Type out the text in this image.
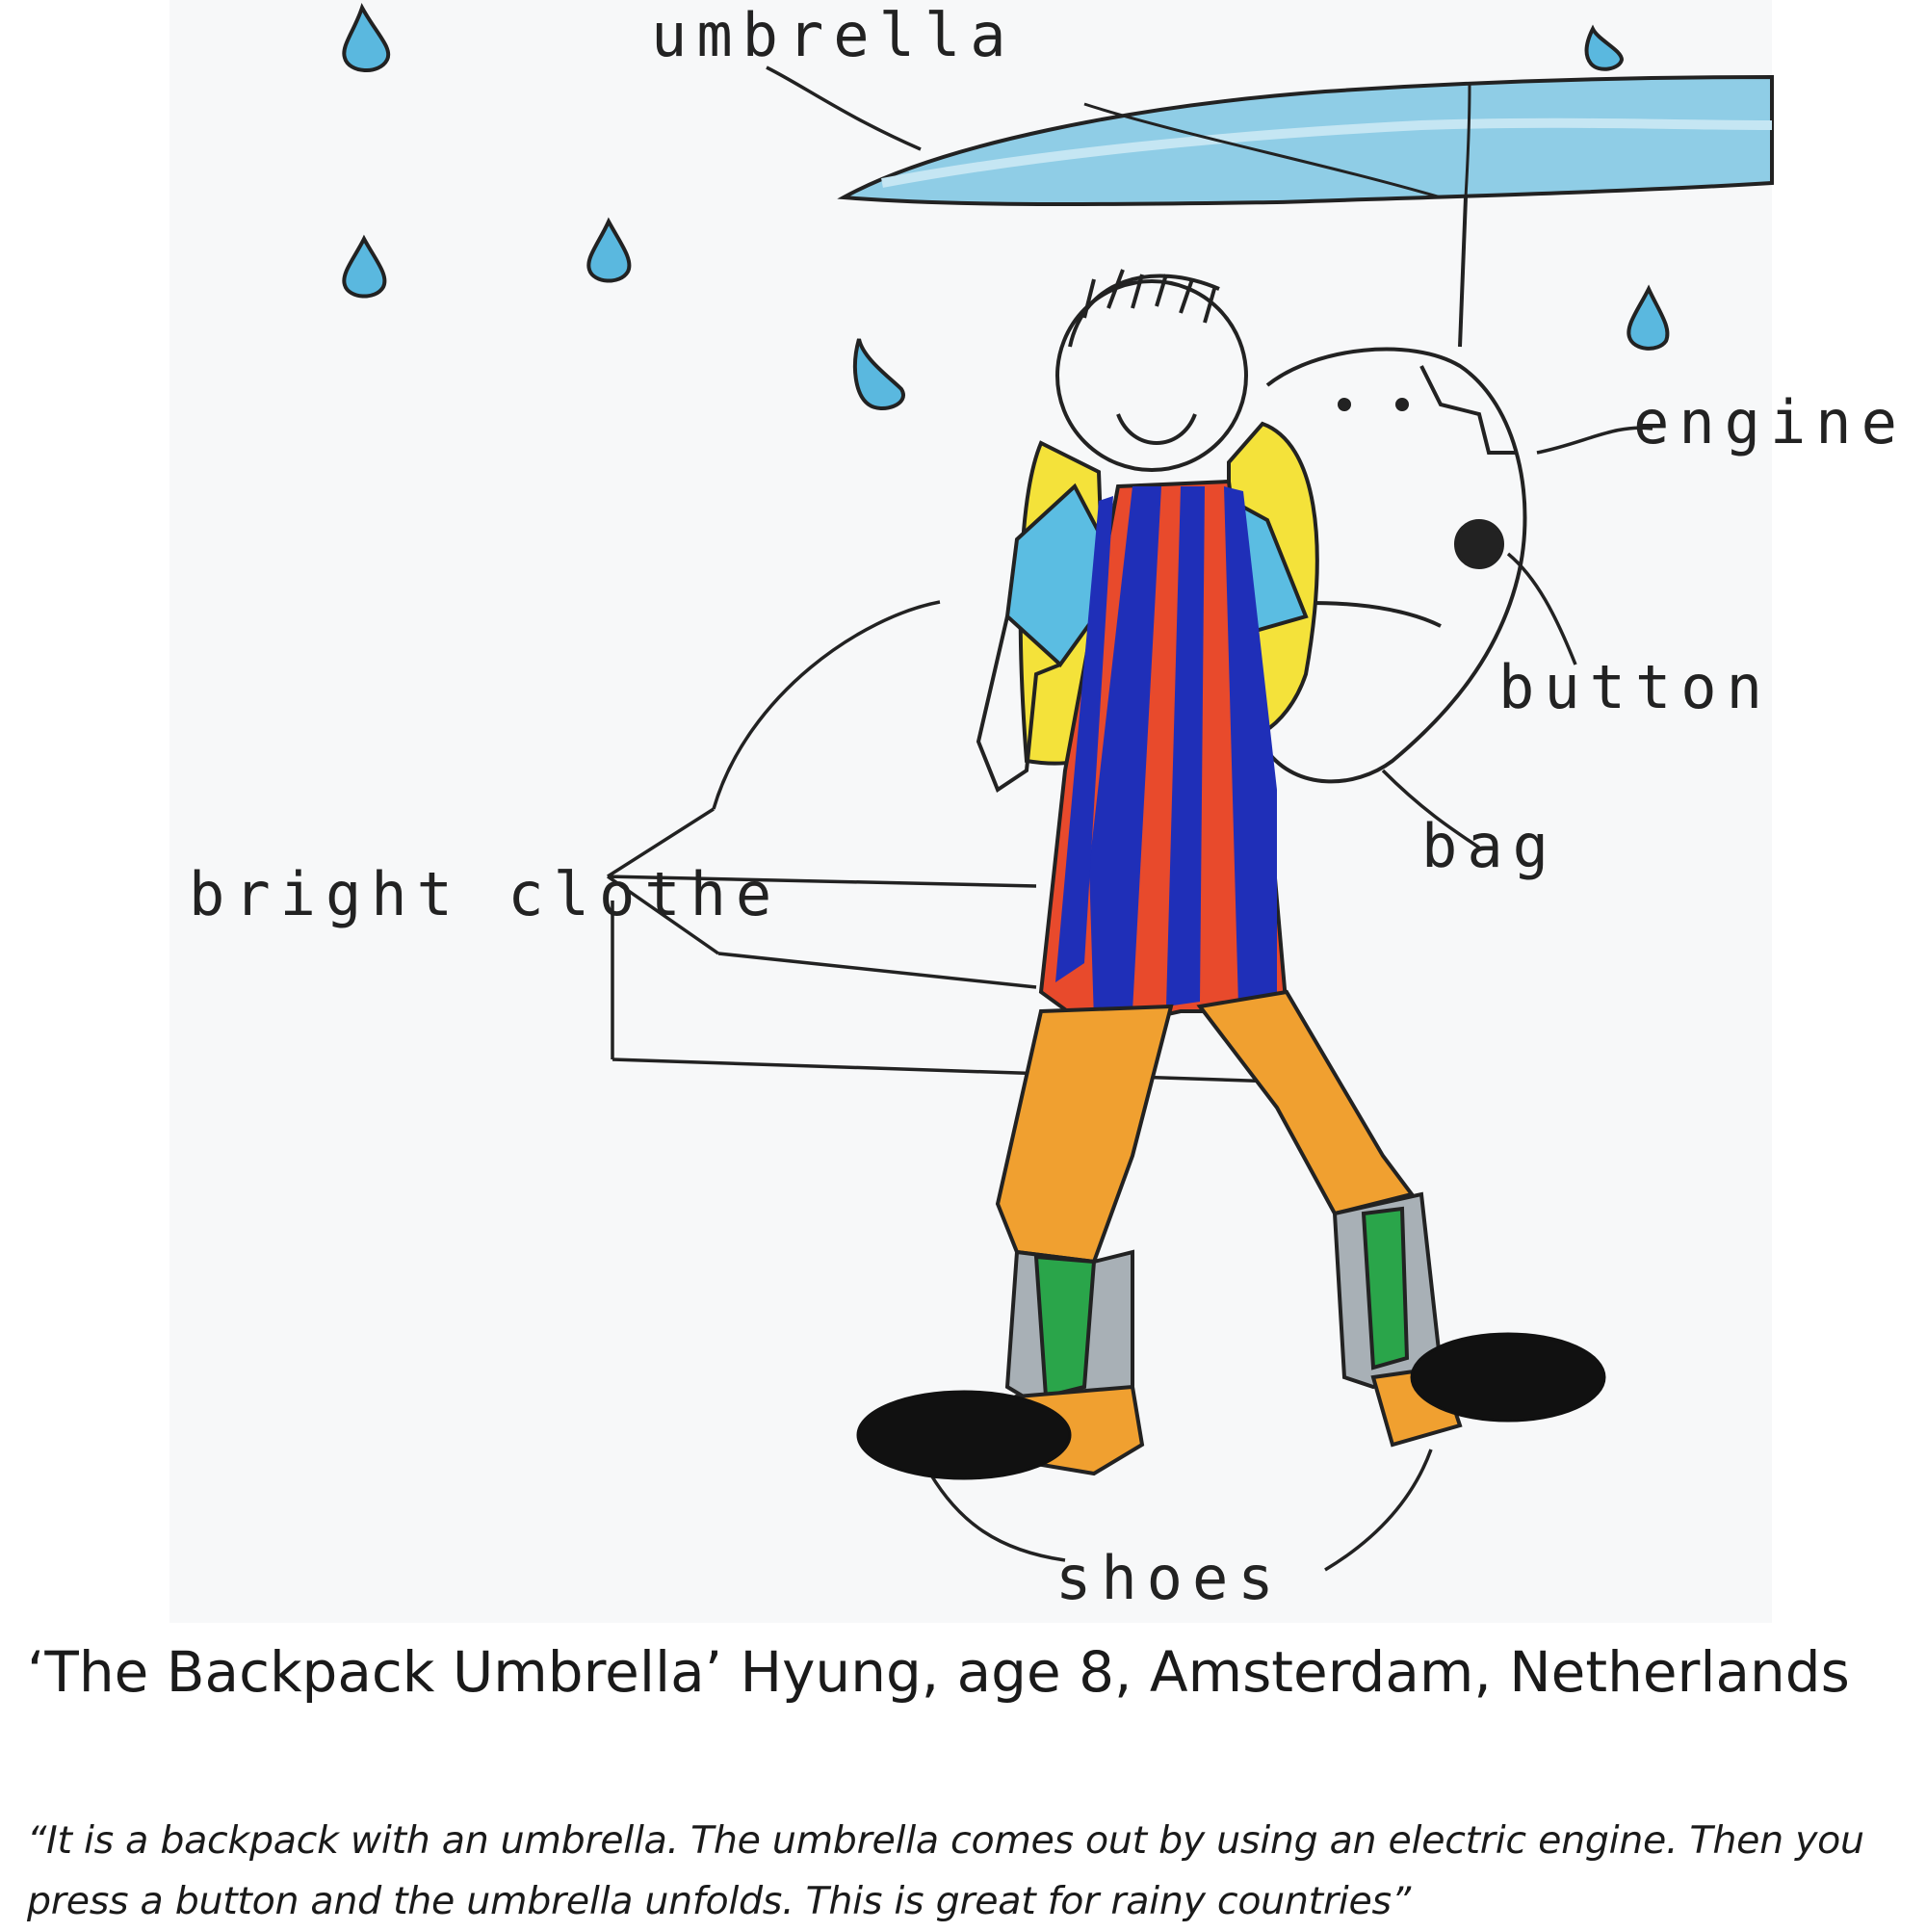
umbrella
engine
button
bag
bright clothe
shoes
‘The Backpack Umbrella’ Hyung, age 8, Amsterdam, Netherlands

“It is a backpack with an umbrella. The umbrella comes out by using an electric engine. Then you press a button and the umbrella unfolds. This is great for rainy countries”
